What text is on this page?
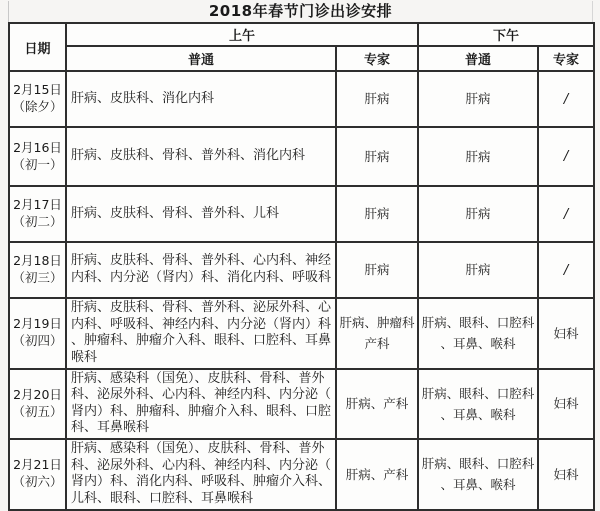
2018年春节门诊出诊安排
日期	上午		下午	
	普通	专家	普通	专家

2月15日
（除夕）	肝病、皮肤科、消化内科	肝病	肝病	/

2月16日
（初一）	肝病、皮肤科、骨科、普外科、消化内科	肝病	肝病	/

2月17日
（初二）	肝病、皮肤科、骨科、普外科、儿科	肝病	肝病	/

2月18日
（初三）	肝病、皮肤科、骨科、普外科、心内科、神经内科、内分泌（肾内）科、消化内科、呼吸科	肝病	肝病	/

2月19日
（初四）	肝病、皮肤科、骨科、普外科、泌尿外科、心内科、呼吸科、神经内科、内分泌（肾内）科、肿瘤科、肿瘤介入科、眼科、口腔科、耳鼻喉科	肝病、肿瘤科 产科	肝病、眼科、口腔科、耳鼻、喉科	妇科

2月20日
（初五）	肝病、感染科（国免）、皮肤科、骨科、普外科、泌尿外科、心内科、神经内科、内分泌（肾内）科、肿瘤科、肿瘤介入科、眼科、口腔科、耳鼻喉科	肝病、产科	肝病、眼科、口腔科、耳鼻、喉科	妇科

2月21日
（初六）	肝病、感染科（国免）、皮肤科、骨科、普外科、泌尿外科、心内科、神经内科、内分泌（肾内）科、消化内科、呼吸科、肿瘤介入科、儿科、眼科、口腔科、耳鼻喉科	肝病、产科	肝病、眼科、口腔科、耳鼻、喉科	妇科
